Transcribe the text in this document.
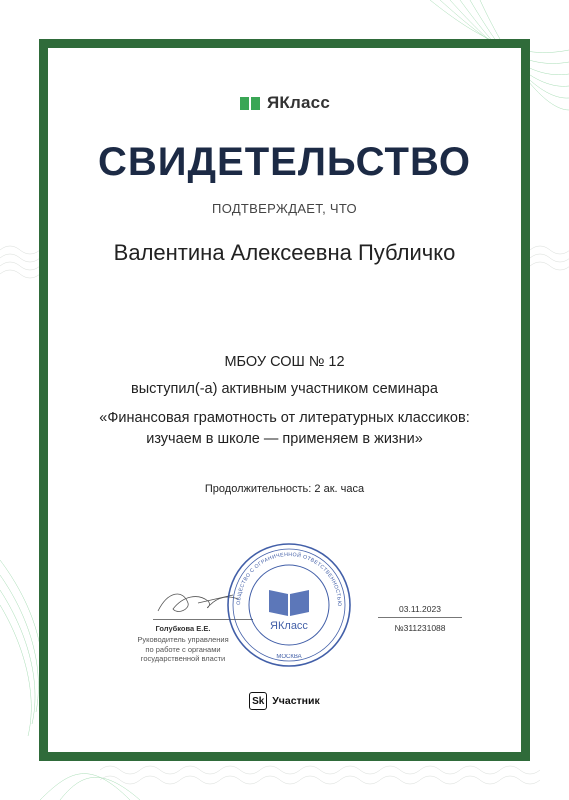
ЯКласс
СВИДЕТЕЛЬСТВО
ПОДТВЕРЖДАЕТ, ЧТО
Валентина Алексеевна Публичко
МБОУ СОШ № 12
выступил(-а) активным участником семинара
«Финансовая грамотность от литературных классиков:
изучаем в школе — применяем в жизни»
Продолжительность: 2 ак. часа
Голубкова Е.Е.
Руководитель управления
по работе с органами
государственной власти
ОБЩЕСТВО С ОГРАНИЧЕННОЙ ОТВЕТСТВЕННОСТЬЮ
МОСКВА
ЯКласс
03.11.2023
№311231088
Sk Участник
